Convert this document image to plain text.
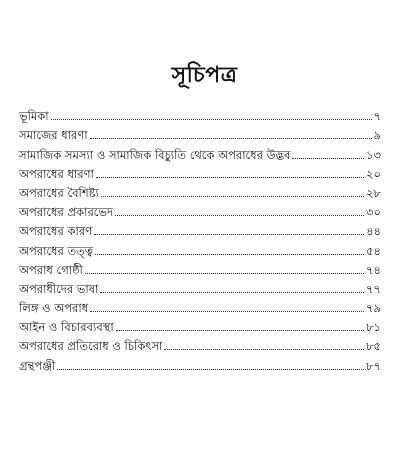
সূচিপত্র
ভূমিকা	৭
সমাজের ধারণা	৯
সামাজিক সমস্যা ও সামাজিক বিচ্যুতি থেকে অপরাধের উদ্ভব	১৩
অপরাধের ধারণা	২০
অপরাধের বৈশিষ্ট্য	২৮
অপরাধের প্রকারভেদ	৩০
অপরাধের কারণ	৪৪
অপরাধের তত্ত্ব	৫৪
অপরাধ গোষ্ঠী	৭৪
অপরাধীদের ভাষা	৭৭
লিঙ্গ ও অপরাধ	৭৯
আইন ও বিচারব্যবস্থা	৮১
অপরাধের প্রতিরোধ ও চিকিৎসা	৮৫
গ্রন্থপঞ্জী	৮৭
